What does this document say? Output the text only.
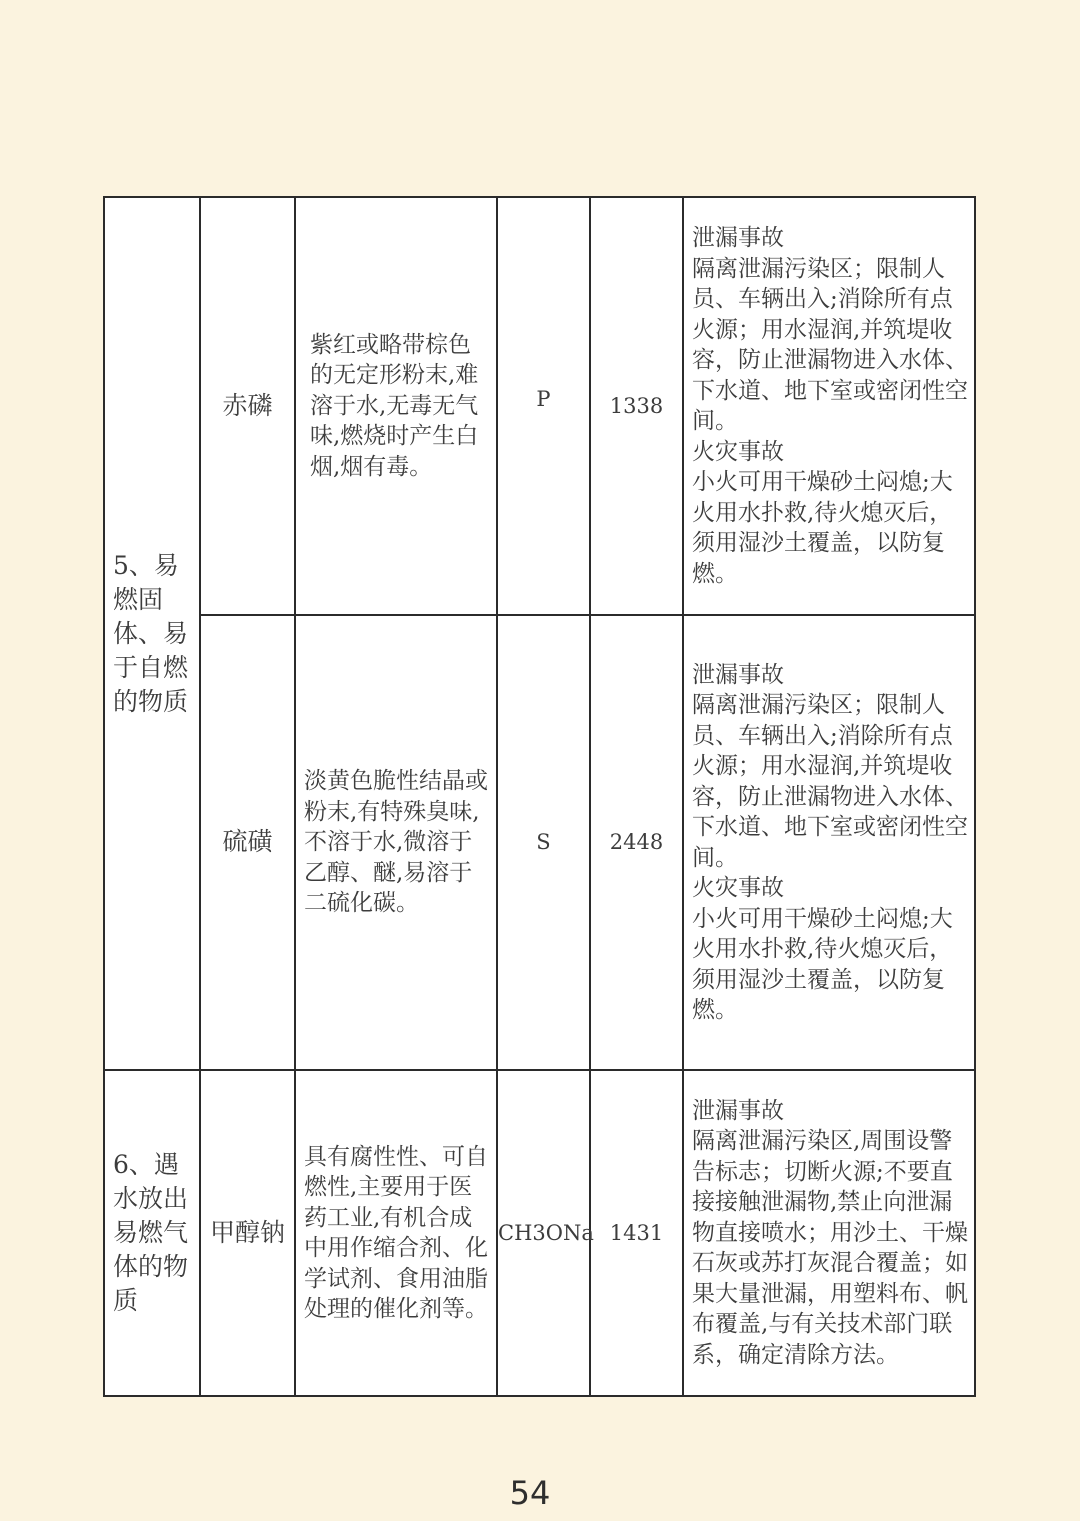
5、易燃固体、易于自燃的物质	赤磷	紫红或略带棕色的无定形粉末,难溶于水,无毒无气味,燃烧时产生白烟,烟有毒。	P	1338	泄漏事故
隔离泄漏污染区；限制人员、车辆出入;消除所有点火源；用水湿润,并筑堤收容，防止泄漏物进入水体、下水道、地下室或密闭性空间。
火灾事故
小火可用干燥砂土闷熄;大火用水扑救,待火熄灭后，须用湿沙土覆盖，以防复燃。

	硫磺	淡黄色脆性结晶或粉末,有特殊臭味,不溶于水,微溶于乙醇、醚,易溶于二硫化碳。	S	2448	泄漏事故
隔离泄漏污染区；限制人员、车辆出入;消除所有点火源；用水湿润,并筑堤收容，防止泄漏物进入水体、下水道、地下室或密闭性空间。
火灾事故
小火可用干燥砂土闷熄;大火用水扑救,待火熄灭后，须用湿沙土覆盖，以防复燃。

6、遇水放出易燃气体的物质	甲醇钠	具有腐性性、可自燃性,主要用于医药工业,有机合成中用作缩合剂、化学试剂、食用油脂处理的催化剂等。	CH3ONa	1431	泄漏事故
隔离泄漏污染区,周围设警告标志；切断火源;不要直接接触泄漏物,禁止向泄漏物直接喷水；用沙土、干燥石灰或苏打灰混合覆盖；如果大量泄漏，用塑料布、帆布覆盖,与有关技术部门联系，确定清除方法。
54
